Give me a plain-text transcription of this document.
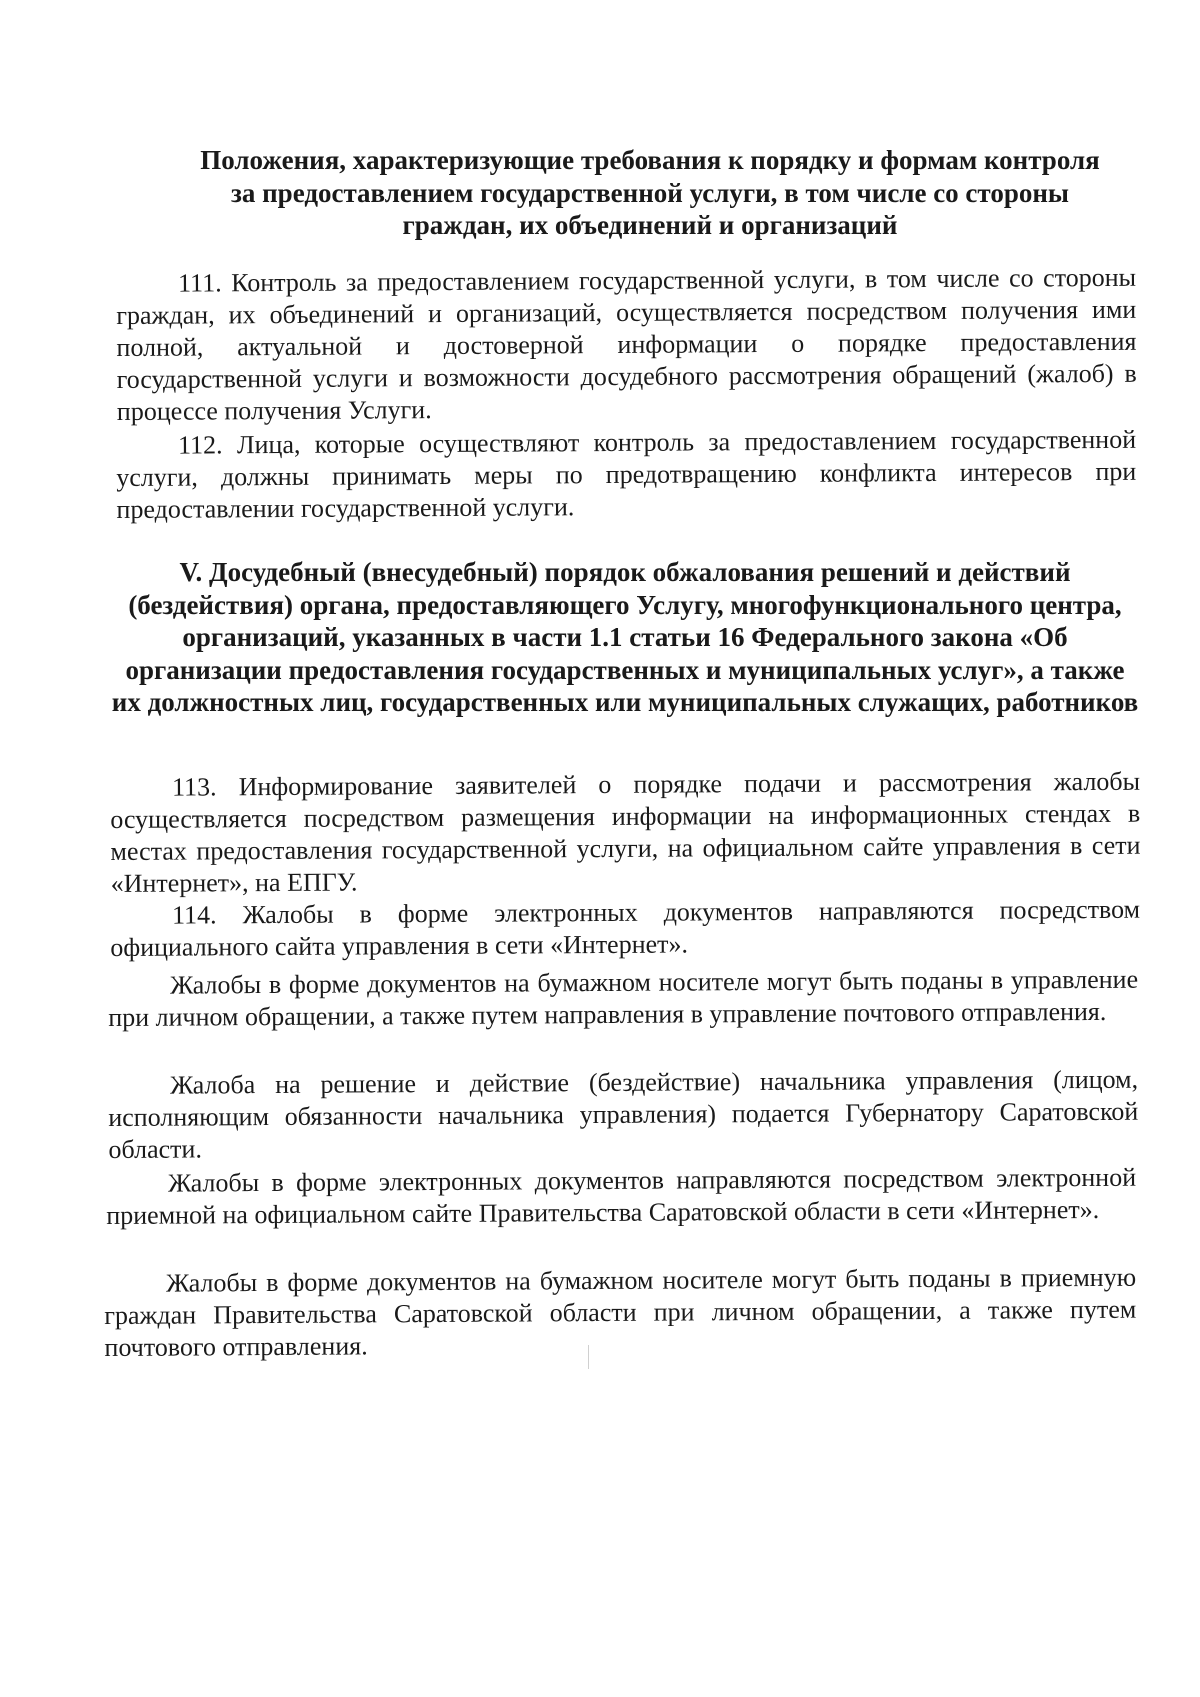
Положения, характеризующие требования к порядку и формам контроля за предоставлением государственной услуги, в том числе со стороны граждан, их объединений и организаций

111. Контроль за предоставлением государственной услуги, в том числе со стороны граждан, их объединений и организаций, осуществляется посредством получения ими полной, актуальной и достоверной информации о порядке предоставления государственной услуги и возможности досудебного рассмотрения обращений (жалоб) в процессе получения Услуги.

112. Лица, которые осуществляют контроль за предоставлением государственной услуги, должны принимать меры по предотвращению конфликта интересов при предоставлении государственной услуги.

V. Досудебный (внесудебный) порядок обжалования решений и действий (бездействия) органа, предоставляющего Услугу, многофункционального центра, организаций, указанных в части 1.1 статьи 16 Федерального закона «Об организации предоставления государственных и муниципальных услуг», а также их должностных лиц, государственных или муниципальных служащих, работников

113. Информирование заявителей о порядке подачи и рассмотрения жалобы осуществляется посредством размещения информации на информационных стендах в местах предоставления государственной услуги, на официальном сайте управления в сети «Интернет», на ЕПГУ.

114. Жалобы в форме электронных документов направляются посредством официального сайта управления в сети «Интернет».

Жалобы в форме документов на бумажном носителе могут быть поданы в управление при личном обращении, а также путем направления в управление почтового отправления.

Жалоба на решение и действие (бездействие) начальника управления (лицом, исполняющим обязанности начальника управления) подается Губернатору Саратовской области.

Жалобы в форме электронных документов направляются посредством электронной приемной на официальном сайте Правительства Саратовской области в сети «Интернет».

Жалобы в форме документов на бумажном носителе могут быть поданы в приемную граждан Правительства Саратовской области при личном обращении, а также путем почтового отправления.
